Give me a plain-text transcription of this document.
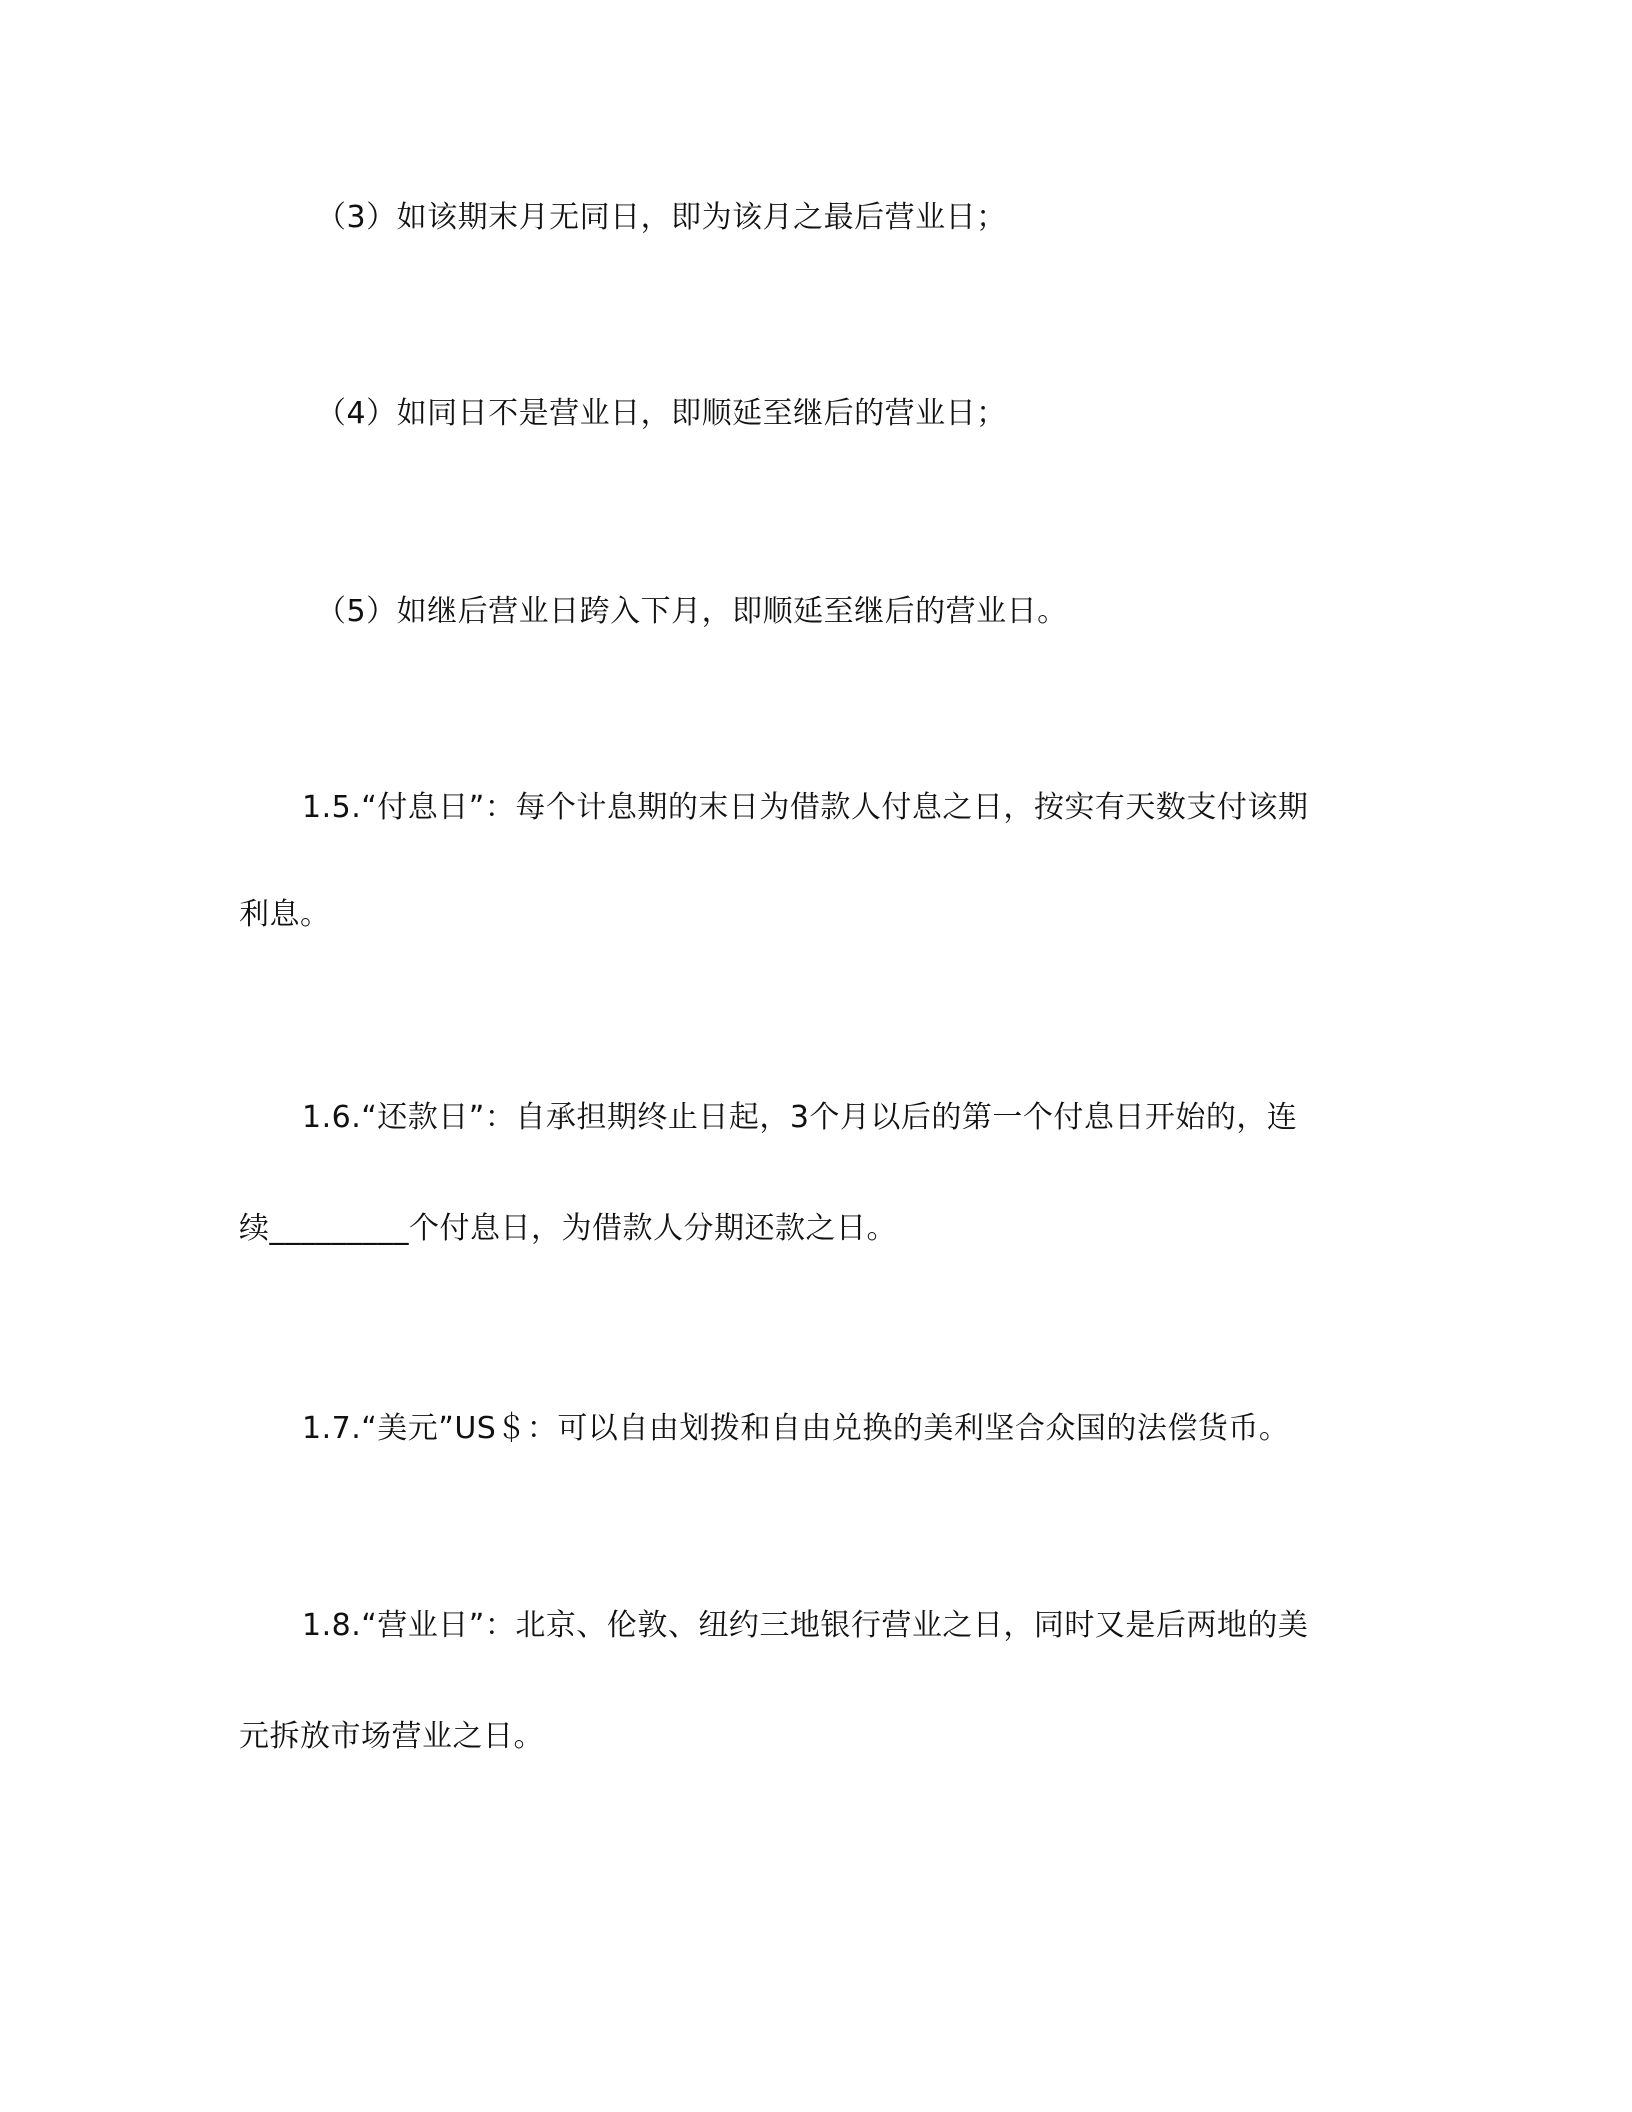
（3）如该期末月无同日，即为该月之最后营业日；
（4）如同日不是营业日，即顺延至继后的营业日；
（5）如继后营业日跨入下月，即顺延至继后的营业日。
1.5.“付息日”：每个计息期的末日为借款人付息之日，按实有天数支付该期
利息。
1.6.“还款日”：自承担期终止日起，3个月以后的第一个付息日开始的，连
续_________个付息日，为借款人分期还款之日。
1.7.“美元”US＄：可以自由划拨和自由兑换的美利坚合众国的法偿货币。
1.8.“营业日”：北京、伦敦、纽约三地银行营业之日，同时又是后两地的美
元拆放市场营业之日。
